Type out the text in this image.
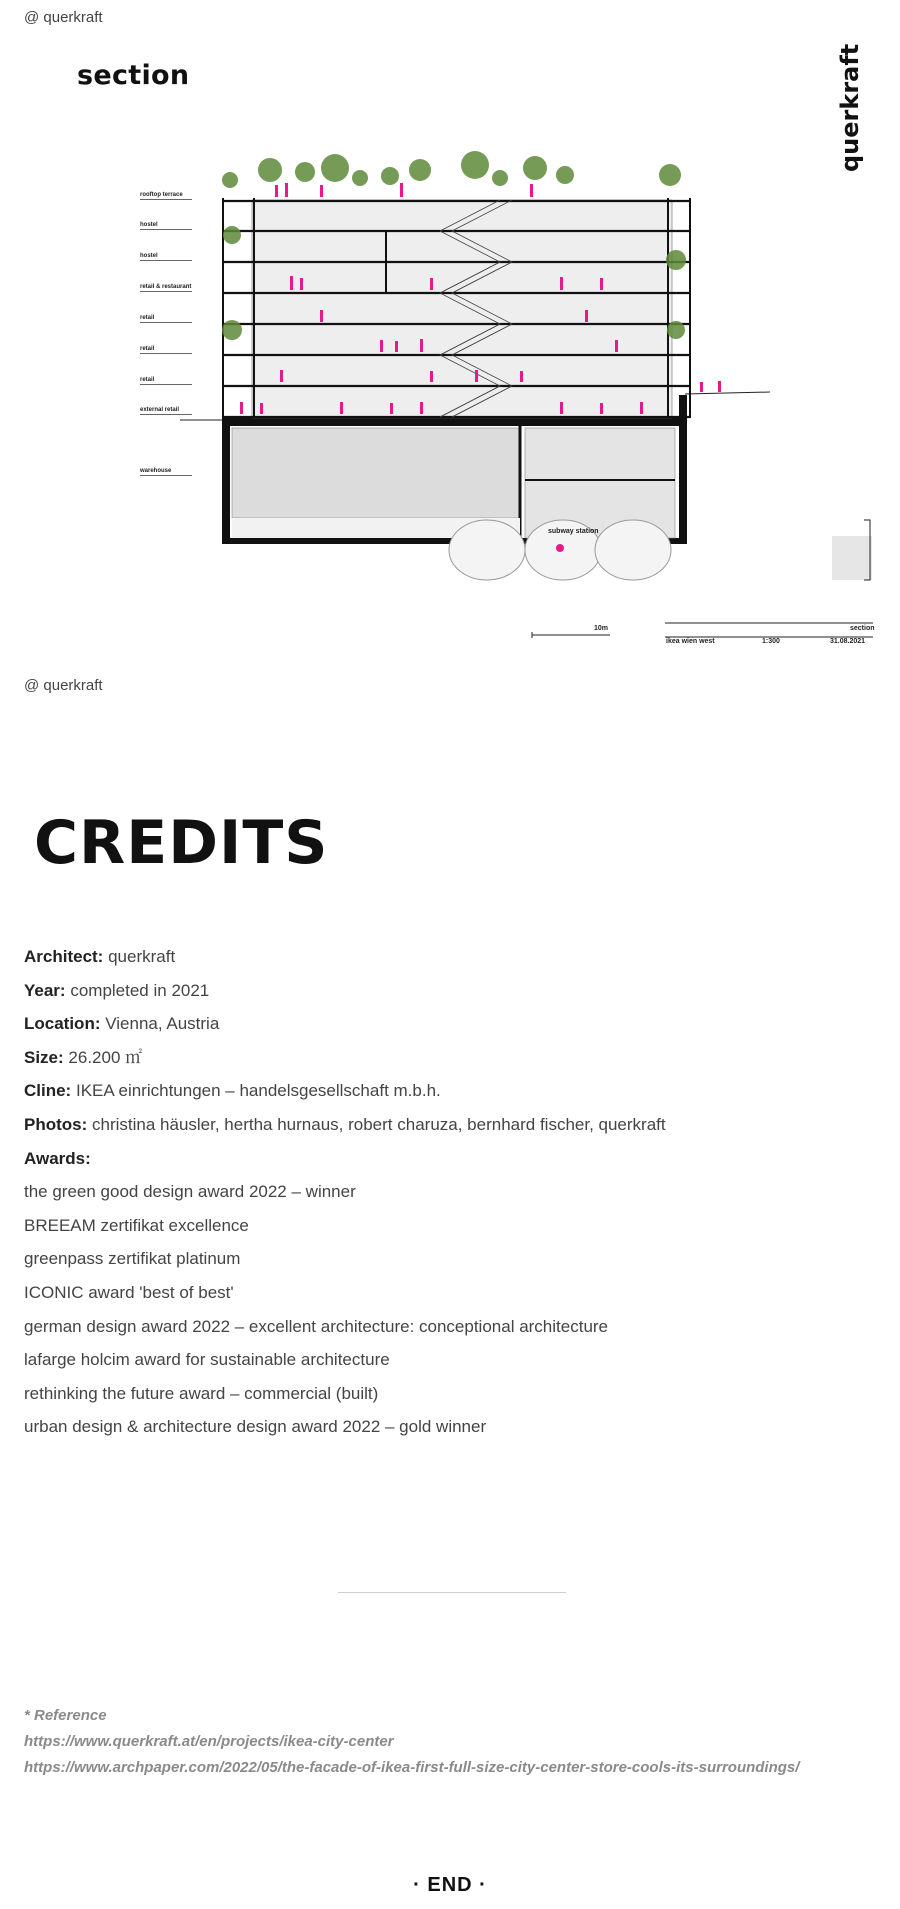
@ querkraft
section	querkraft
rooftop terrace
hostel
hostel
retail & restaurant
retail
retail
retail
external retail
warehouse
subway station
10m	section
ikea wien west	1:300	31.08.2021
@ querkraft
CREDITS
Architect: querkraft
Year: completed in 2021
Location: Vienna, Austria
Size: 26.200 ㎡
Cline: IKEA einrichtungen – handelsgesellschaft m.b.h.
Photos: christina häusler, hertha hurnaus, robert charuza, bernhard fischer, querkraft
Awards:
the green good design award 2022 – winner
BREEAM zertifikat excellence
greenpass zertifikat platinum
ICONIC award 'best of best'
german design award 2022 – excellent architecture: conceptional architecture
lafarge holcim award for sustainable architecture
rethinking the future award – commercial (built)
urban design & architecture design award 2022 – gold winner
* Reference
https://www.querkraft.at/en/projects/ikea-city-center
https://www.archpaper.com/2022/05/the-facade-of-ikea-first-full-size-city-center-store-cools-its-surroundings/
· END ·
